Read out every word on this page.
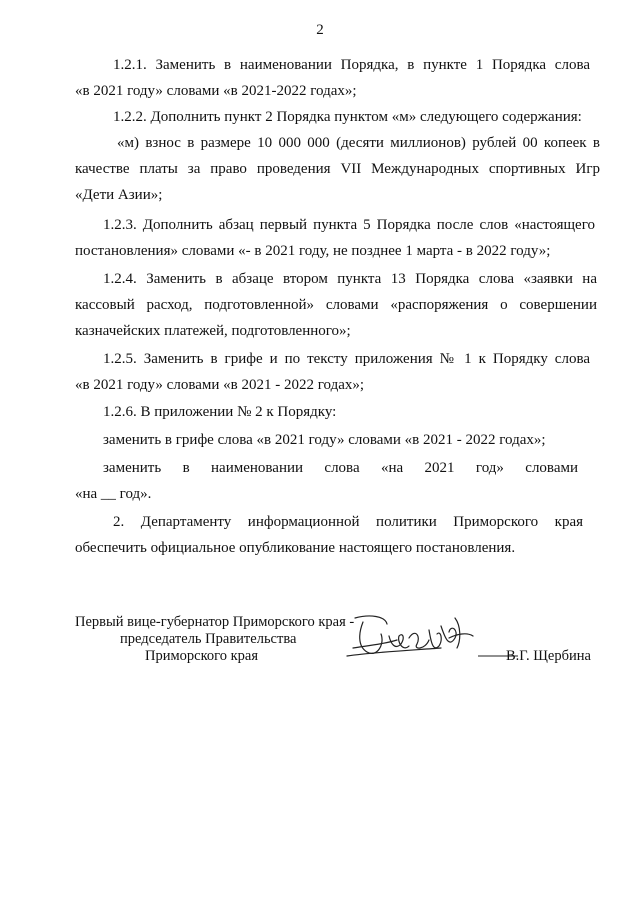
2
1.2.1. Заменить в наименовании Порядка, в пункте 1 Порядка слова
«в 2021 году» словами «в 2021-2022 годах»;
1.2.2. Дополнить пункт 2 Порядка пунктом «м» следующего содержания:
«м) взнос в размере 10 000 000 (десяти миллионов) рублей 00 копеек в
качестве платы за право проведения VII Международных спортивных Игр
«Дети Азии»;
1.2.3. Дополнить абзац первый пункта 5 Порядка после слов «настоящего
постановления» словами «- в 2021 году, не позднее 1 марта - в 2022 году»;
1.2.4. Заменить в абзаце втором пункта 13 Порядка слова «заявки на
кассовый расход, подготовленной» словами «распоряжения о совершении
казначейских платежей, подготовленного»;
1.2.5. Заменить в грифе и по тексту приложения № 1 к Порядку слова
«в 2021 году» словами «в 2021 - 2022 годах»;
1.2.6. В приложении № 2 к Порядку:
заменить в грифе слова «в 2021 году» словами «в 2021 - 2022 годах»;
заменить в наименовании слова «на 2021 год» словами
«на __ год».
2. Департаменту информационной политики Приморского края
обеспечить официальное опубликование настоящего постановления.
Первый вице-губернатор Приморского края -
председатель Правительства
Приморского края	В.Г. Щербина
